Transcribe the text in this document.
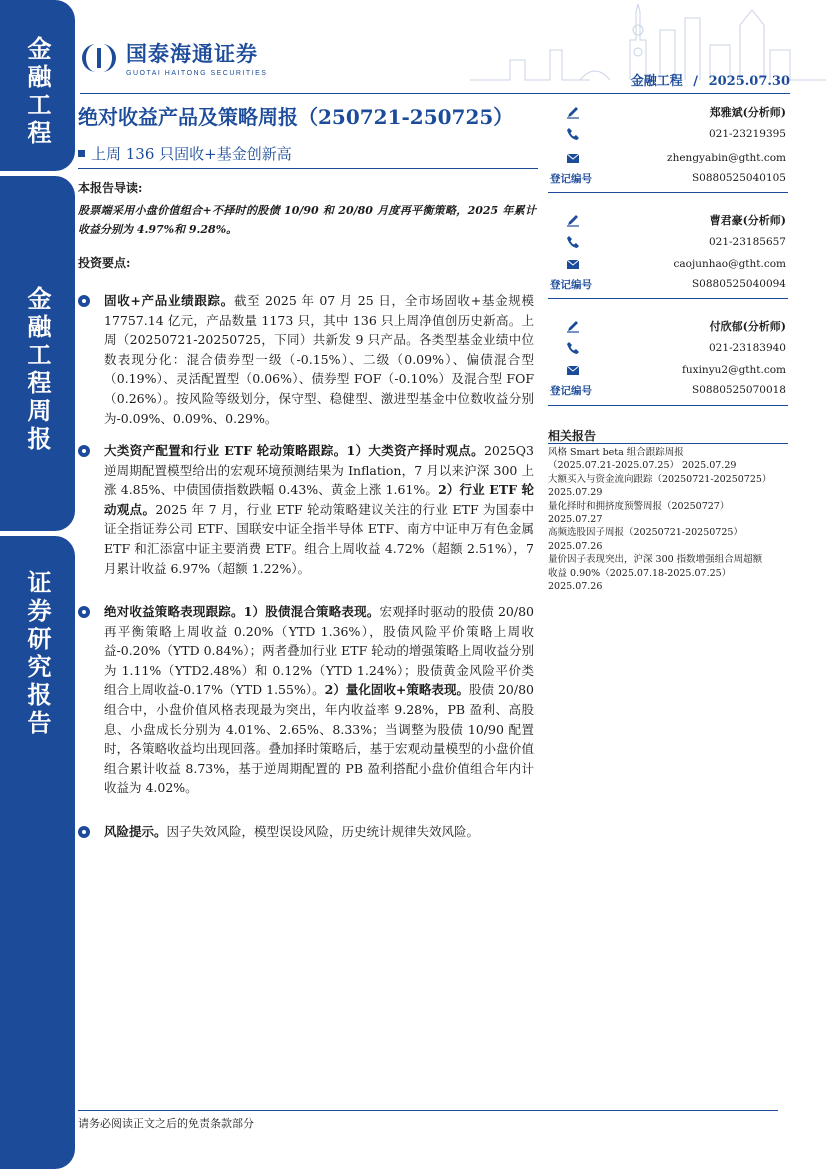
金融工程
金融工程周报
证券研究报告
国泰海通证券
GUOTAI HAITONG SECURITIES
金融工程 / 2025.07.30
绝对收益产品及策略周报（250721-250725）
上周 136 只固收+基金创新高
本报告导读:
股票端采用小盘价值组合+不择时的股债 10/90 和 20/80 月度再平衡策略，2025 年累计收益分别为 4.97%和 9.28%。
投资要点:
固收+产品业绩跟踪。截至 2025 年 07 月 25 日，全市场固收+基金规模 17757.14 亿元，产品数量 1173 只，其中 136 只上周净值创历史新高。上周（20250721-20250725，下同）共新发 9 只产品。各类型基金业绩中位数表现分化：混合债券型一级（-0.15%）、二级（0.09%）、偏债混合型（0.19%）、灵活配置型（0.06%）、债券型 FOF（-0.10%）及混合型 FOF（0.26%）。按风险等级划分，保守型、稳健型、激进型基金中位数收益分别为-0.09%、0.09%、0.29%。
大类资产配置和行业 ETF 轮动策略跟踪。1）大类资产择时观点。2025Q3 逆周期配置模型给出的宏观环境预测结果为 Inflation，7 月以来沪深 300 上涨 4.85%、中债国债指数跌幅 0.43%、黄金上涨 1.61%。2）行业 ETF 轮动观点。2025 年 7 月，行业 ETF 轮动策略建议关注的行业 ETF 为国泰中证全指证券公司 ETF、国联安中证全指半导体 ETF、南方中证申万有色金属 ETF 和汇添富中证主要消费 ETF。组合上周收益 4.72%（超额 2.51%），7 月累计收益 6.97%（超额 1.22%）。
绝对收益策略表现跟踪。1）股债混合策略表现。宏观择时驱动的股债 20/80 再平衡策略上周收益 0.20%（YTD 1.36%），股债风险平价策略上周收益-0.20%（YTD 0.84%）；两者叠加行业 ETF 轮动的增强策略上周收益分别为 1.11%（YTD2.48%）和 0.12%（YTD 1.24%）；股债黄金风险平价类组合上周收益-0.17%（YTD 1.55%）。2）量化固收+策略表现。股债 20/80 组合中，小盘价值风格表现最为突出，年内收益率 9.28%，PB 盈利、高股息、小盘成长分别为 4.01%、2.65%、8.33%；当调整为股债 10/90 配置时，各策略收益均出现回落。叠加择时策略后，基于宏观动量模型的小盘价值组合累计收益 8.73%，基于逆周期配置的 PB 盈利搭配小盘价值组合年内计收益为 4.02%。
风险提示。因子失效风险，模型误设风险，历史统计规律失效风险。
郑雅斌(分析师)
021-23219395
zhengyabin@gtht.com
登记编号	S0880525040105
曹君豪(分析师)
021-23185657
caojunhao@gtht.com
登记编号	S0880525040094
付欣郁(分析师)
021-23183940
fuxinyu2@gtht.com
登记编号	S0880525070018
相关报告
风格 Smart beta 组合跟踪周报
（2025.07.21-2025.07.25） 2025.07.29
大额买入与资金流向跟踪（20250721-20250725）
2025.07.29
量化择时和拥挤度预警周报（20250727）
2025.07.27
高频选股因子周报（20250721-20250725）
2025.07.26
量价因子表现突出，沪深 300 指数增强组合周超额
收益 0.90%（2025.07.18-2025.07.25） 2025.07.26
请务必阅读正文之后的免责条款部分
